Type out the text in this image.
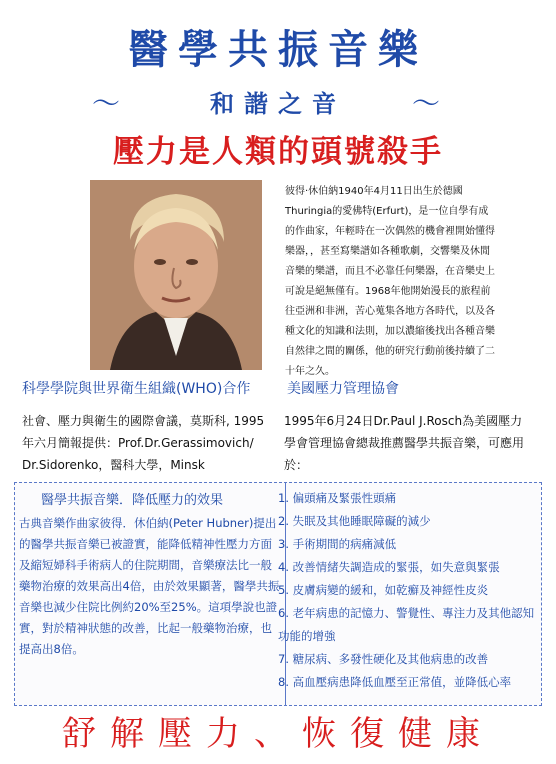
醫學共振音樂
～	和諧之音	～
壓力是人類的頭號殺手
彼得‧休伯納1940年4月11日出生於德國Thuringia的愛佛特(Erfurt)，是一位自學有成的作曲家，年輕時在一次偶然的機會裡開始懂得樂器，，甚至寫樂譜如各種歌劇，交響樂及休閒音樂的樂譜，而且不必靠任何樂器，在音樂史上可說是絕無僅有。1968年他開始漫長的旅程前往亞洲和非洲，苦心蒐集各地方各時代，以及各種文化的知識和法則，加以濃縮後找出各種音樂自然律之間的關係，他的研究行動前後持續了二十年之久。
科學學院與世界衛生組織(WHO)合作	美國壓力管理協會
社會、壓力與衛生的國際會議，莫斯科, 1995年六月簡報提供：Prof.Dr.Gerassimovich/ Dr.Sidorenko，醫科大學，Minsk
1995年6月24日Dr.Paul J.Rosch為美國壓力學會管理協會總裁推薦醫學共振音樂，可應用於：
醫學共振音樂．降低壓力的效果
古典音樂作曲家彼得．休伯納(Peter Hubner)提出的醫學共振音樂已被證實，能降低精神性壓力方面及縮短婦科手術病人的住院期間，音樂療法比一般藥物治療的效果高出4倍，由於效果顯著，醫學共振音樂也減少住院比例約20%至25%。這項學說也證實，對於精神狀態的改善，比起一般藥物治療，也提高出8倍。
1. 偏頭痛及緊張性頭痛
2. 失眠及其他睡眠障礙的減少
3. 手術期間的病痛減低
4. 改善情緒失調造成的緊張，如失意與緊張
5. 皮膚病變的緩和，如乾癬及神經性皮炎
6. 老年病患的記憶力、警覺性、專注力及其他認知功能的增強
7. 糖尿病、多發性硬化及其他病患的改善
8. 高血壓病患降低血壓至正常值，並降低心率
舒解壓力、恢復健康
